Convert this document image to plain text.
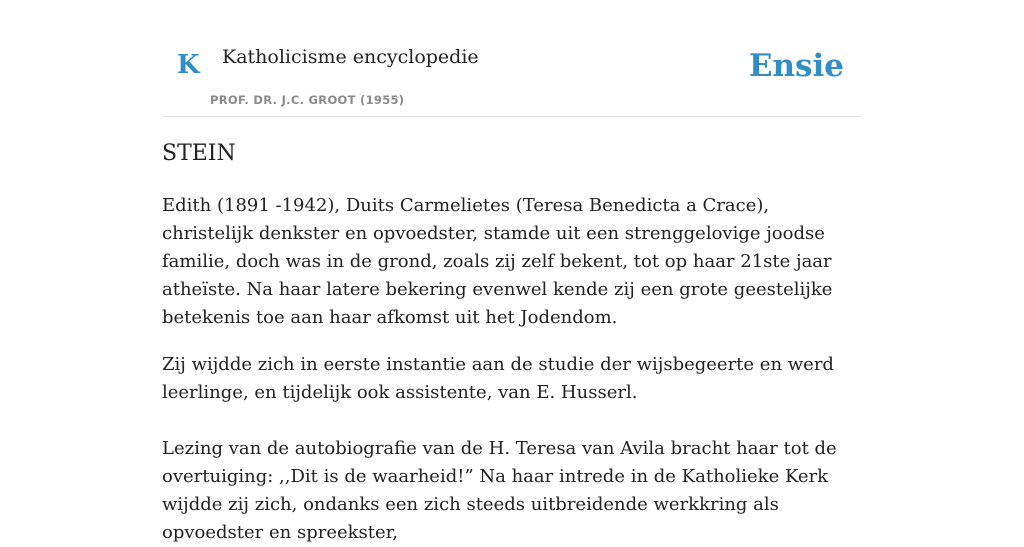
K Katholicisme encyclopedie
PROF. DR. J.C. GROOT (1955)
Ensie
STEIN

Edith (1891 -1942), Duits Carmelietes (Teresa Benedicta a Crace), christelijk denkster en opvoedster, stamde uit een strenggelovige joodse familie, doch was in de grond, zoals zij zelf bekent, tot op haar 21ste jaar atheïste. Na haar latere bekering evenwel kende zij een grote geestelijke betekenis toe aan haar afkomst uit het Jodendom.

Zij wijdde zich in eerste instantie aan de studie der wijsbegeerte en werd leerlinge, en tijdelijk ook assistente, van E. Husserl.

Lezing van de autobiografie van de H. Teresa van Avila bracht haar tot de overtuiging: ,,Dit is de waarheid!” Na haar intrede in de Katholieke Kerk wijdde zij zich, ondanks een zich steeds uitbreidende werkkring als opvoedster en spreekster,
